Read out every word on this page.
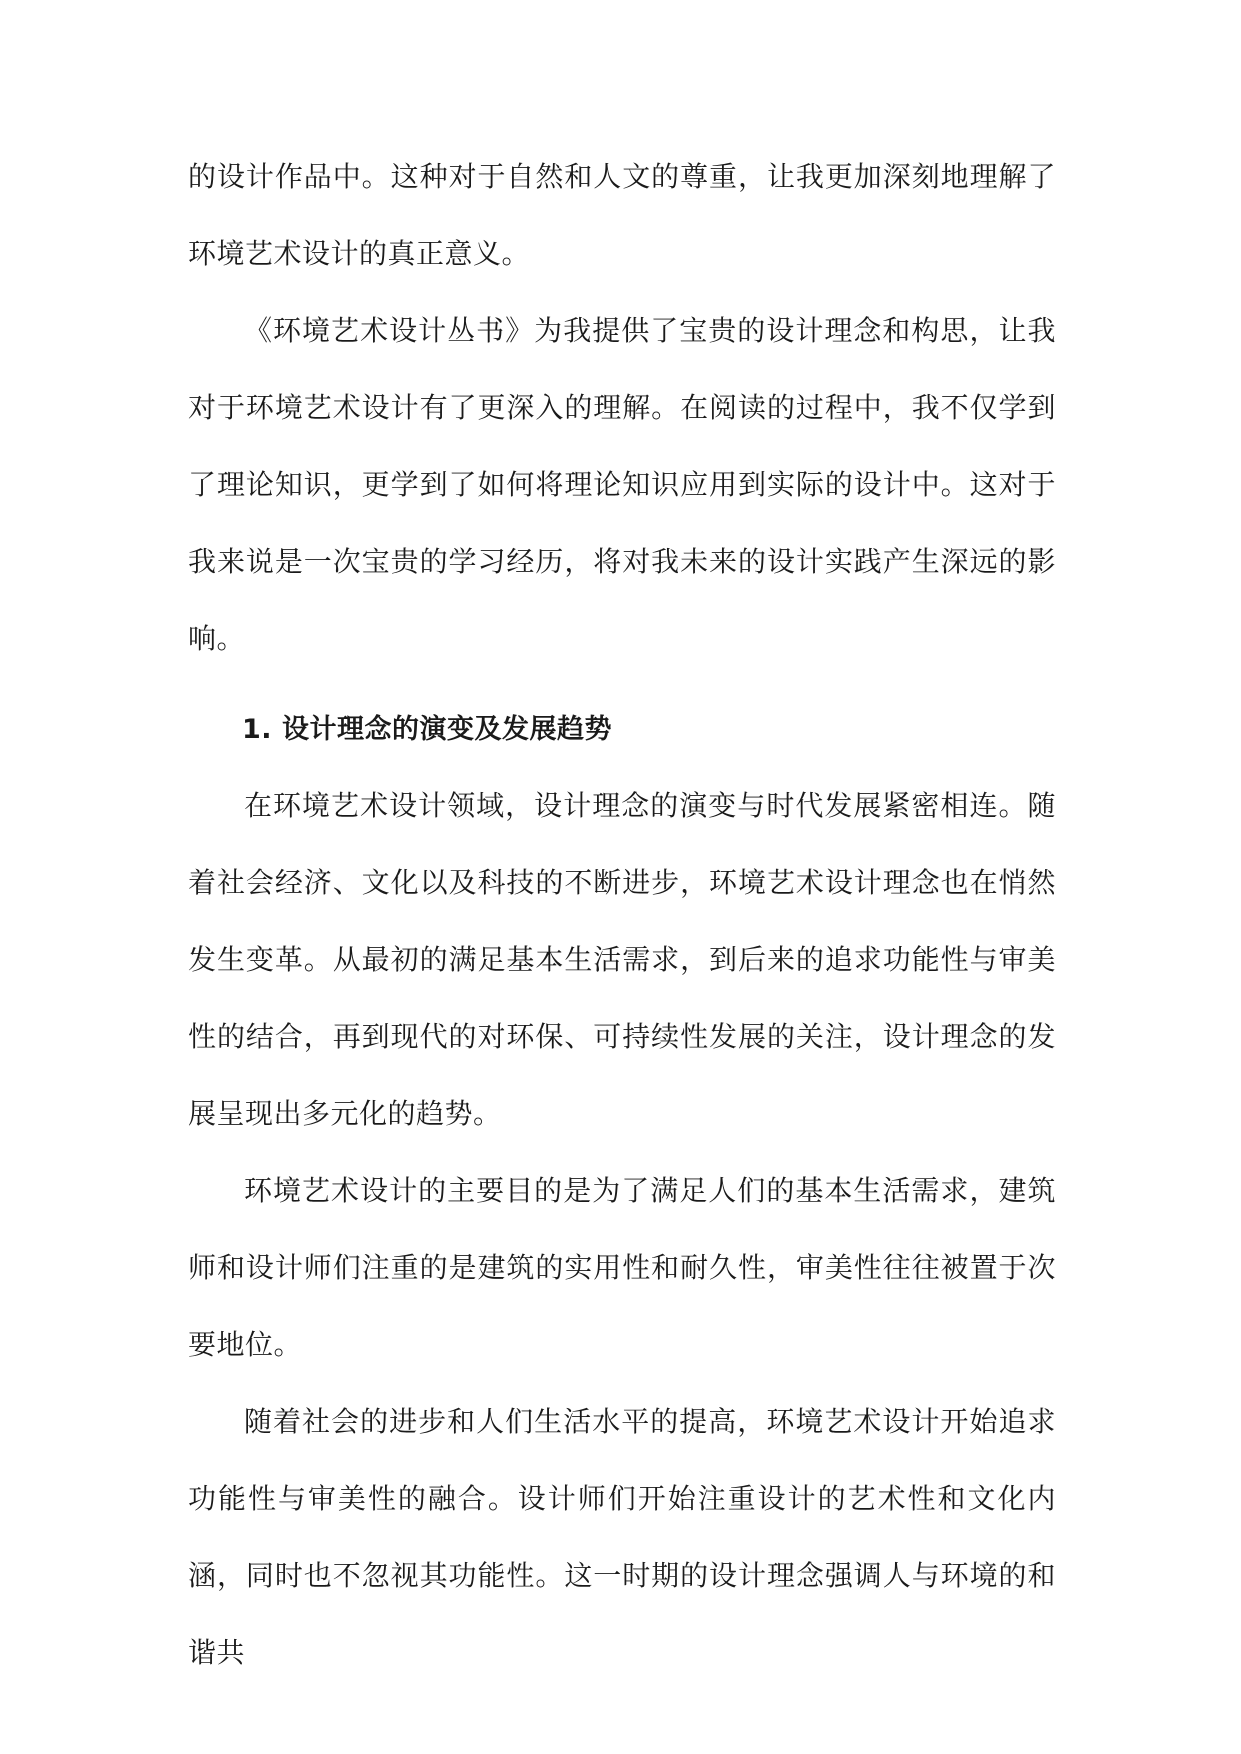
的设计作品中。这种对于自然和人文的尊重，让我更加深刻地理解了环境艺术设计的真正意义。

《环境艺术设计丛书》为我提供了宝贵的设计理念和构思，让我对于环境艺术设计有了更深入的理解。在阅读的过程中，我不仅学到了理论知识，更学到了如何将理论知识应用到实际的设计中。这对于我来说是一次宝贵的学习经历，将对我未来的设计实践产生深远的影响。

1. 设计理念的演变及发展趋势

在环境艺术设计领域，设计理念的演变与时代发展紧密相连。随着社会经济、文化以及科技的不断进步，环境艺术设计理念也在悄然发生变革。从最初的满足基本生活需求，到后来的追求功能性与审美性的结合，再到现代的对环保、可持续性发展的关注，设计理念的发展呈现出多元化的趋势。

环境艺术设计的主要目的是为了满足人们的基本生活需求，建筑师和设计师们注重的是建筑的实用性和耐久性，审美性往往被置于次要地位。

随着社会的进步和人们生活水平的提高，环境艺术设计开始追求功能性与审美性的融合。设计师们开始注重设计的艺术性和文化内涵，同时也不忽视其功能性。这一时期的设计理念强调人与环境的和谐共
